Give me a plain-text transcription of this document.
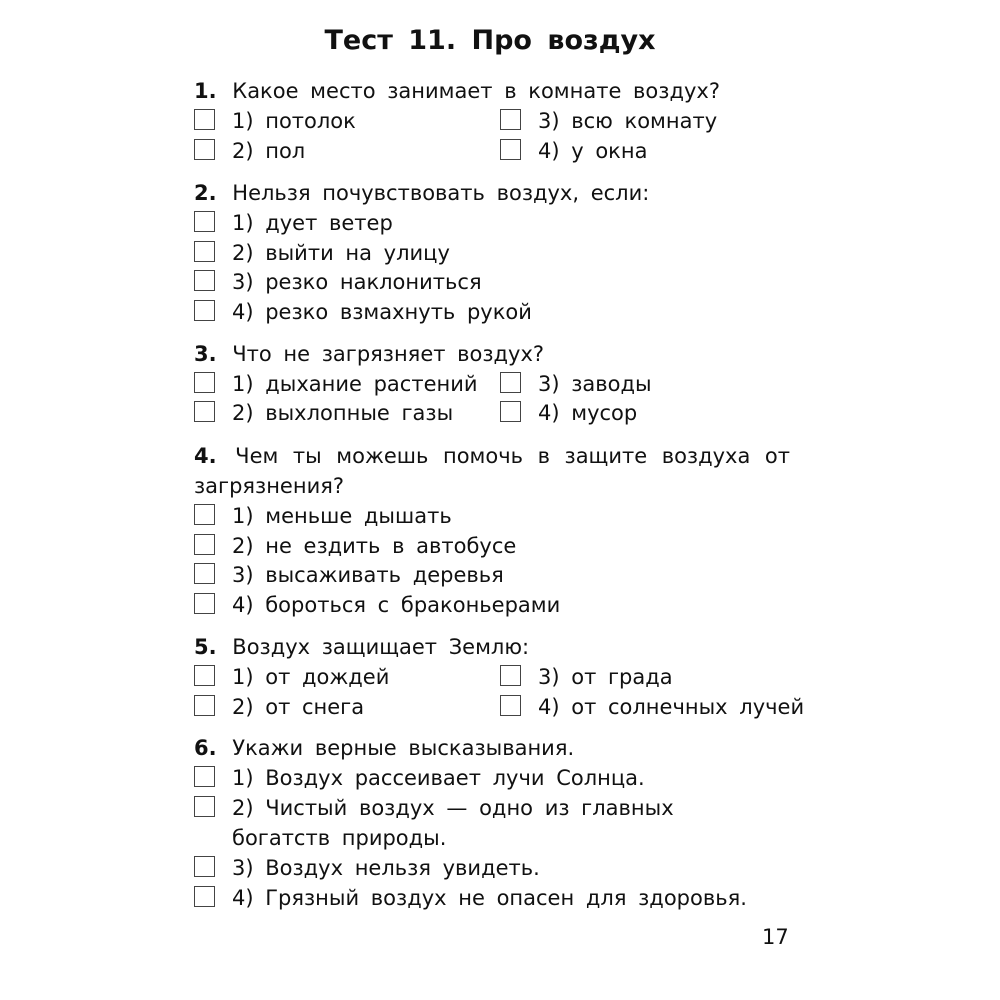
Тест 11. Про воздух
1. Какое место занимает в комнате воздух?
1) потолок
2) пол
3) всю комнату
4) у окна
2. Нельзя почувствовать воздух, если:
1) дует ветер
2) выйти на улицу
3) резко наклониться
4) резко взмахнуть рукой
3. Что не загрязняет воздух?
1) дыхание растений
2) выхлопные газы
3) заводы
4) мусор
4. Чем ты можешь помочь в защите воздуха от загрязнения?
1) меньше дышать
2) не ездить в автобусе
3) высаживать деревья
4) бороться с браконьерами
5. Воздух защищает Землю:
1) от дождей
2) от снега
3) от града
4) от солнечных лучей
6. Укажи верные высказывания.
1) Воздух рассеивает лучи Солнца.
2) Чистый воздух — одно из главных богатств природы.
3) Воздух нельзя увидеть.
4) Грязный воздух не опасен для здоровья.
17
